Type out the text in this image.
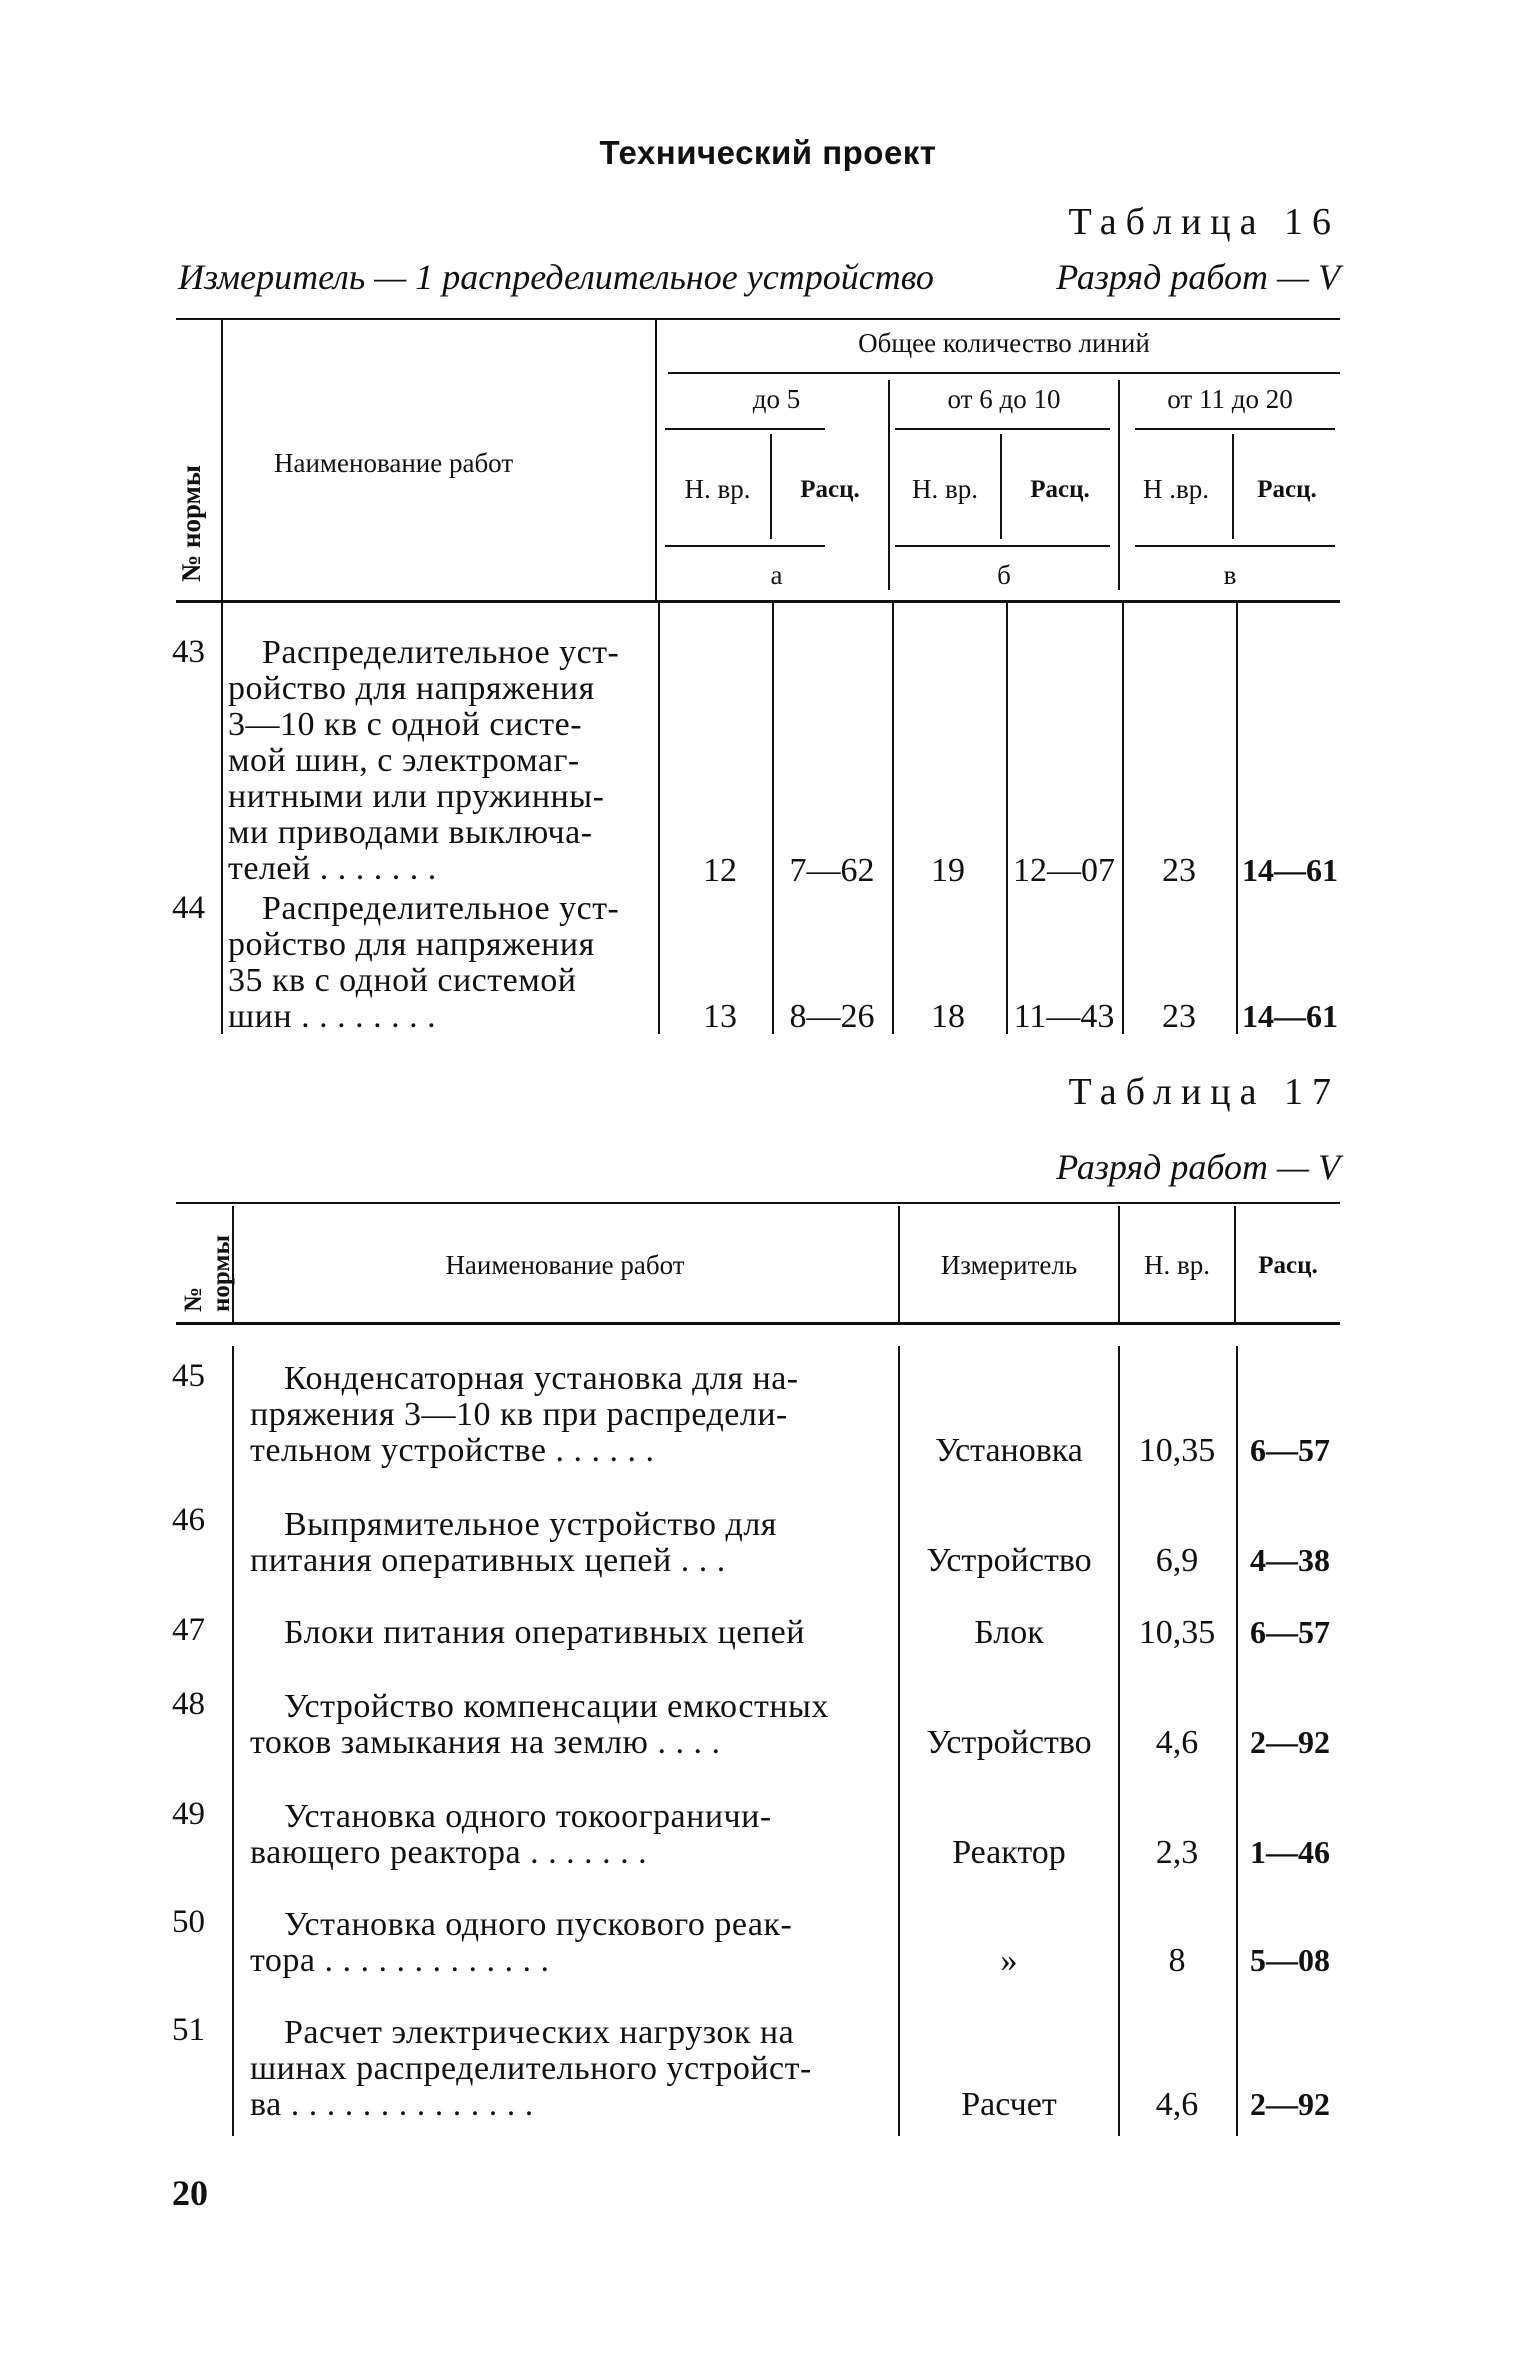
Технический проект
Таблица 16
Измеритель — 1 распределительное устройство	Разряд работ — V
№ нормы
Наименование работ
Общее количество линий
до 5	от 6 до 10	от 11 до 20
Н. вр.	Расц.	Н. вр.	Расц.	Н .вр.	Расц.
а	б	в
43 Распределительное уст-
ройство для напряжения
3—10 кв с одной систе-
мой шин, с электромаг-
нитными или пружинны-
ми приводами выключа-
телей . . . . . . .	12	7—62	19	12—07	23	14—61
44 Распределительное уст-
ройство для напряжения
35 кв с одной системой
шин . . . . . . . .	13	8—26	18	11—43	23	14—61
Таблица 17
Разряд работ — V
№ нормы	Наименование работ	Измеритель	Н. вр.	Расц.
45 Конденсаторная установка для на-
пряжения 3—10 кв при распредели-
тельном устройстве . . . . . .	Установка	10,35	6—57
46 Выпрямительное устройство для
питания оперативных цепей . . .	Устройство	6,9	4—38
47 Блоки питания оперативных цепей	Блок	10,35	6—57
48 Устройство компенсации емкостных
токов замыкания на землю . . . .	Устройство	4,6	2—92
49 Установка одного токоограничи-
вающего реактора . . . . . . .	Реактор	2,3	1—46
50 Установка одного пускового реак-
тора . . . . . . . . . . . . .	»	8	5—08
51 Расчет электрических нагрузок на
шинах распределительного устройст-
ва . . . . . . . . . . . . . .	Расчет	4,6	2—92
20
